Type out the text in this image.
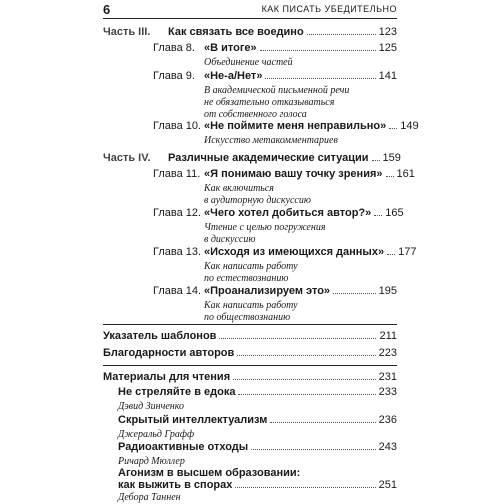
6	КАК ПИСАТЬ УБЕДИТЕЛЬНО
Часть III. Как связать все воедино	123
Глава 8. «В итоге»	125
Объединение частей
Глава 9. «Не-а/Нет»	141
В академической письменной речи
не обязательно отказываться
от собственного голоса
Глава 10. «Не поймите меня неправильно» 149
Искусство метакомментариев
Часть IV. Различные академические ситуации 159
Глава 11. «Я понимаю вашу точку зрения» 161
Как включиться
в аудиторную дискуссию
Глава 12. «Чего хотел добиться автор?» 165
Чтение с целью погружения
в дискуссию
Глава 13. «Исходя из имеющихся данных» 177
Как написать работу
по естествознанию
Глава 14. «Проанализируем это»	195
Как написать работу
по обществознанию
Указатель шаблонов	211
Благодарности авторов	223
Материалы для чтения	231
Не стреляйте в едока	233
Дэвид Зинченко
Скрытый интеллектуализм	236
Джеральд Графф
Радиоактивные отходы	243
Ричард Мюллер
Агонизм в высшем образовании:
как выжить в спорах	251
Дебора Таннен
